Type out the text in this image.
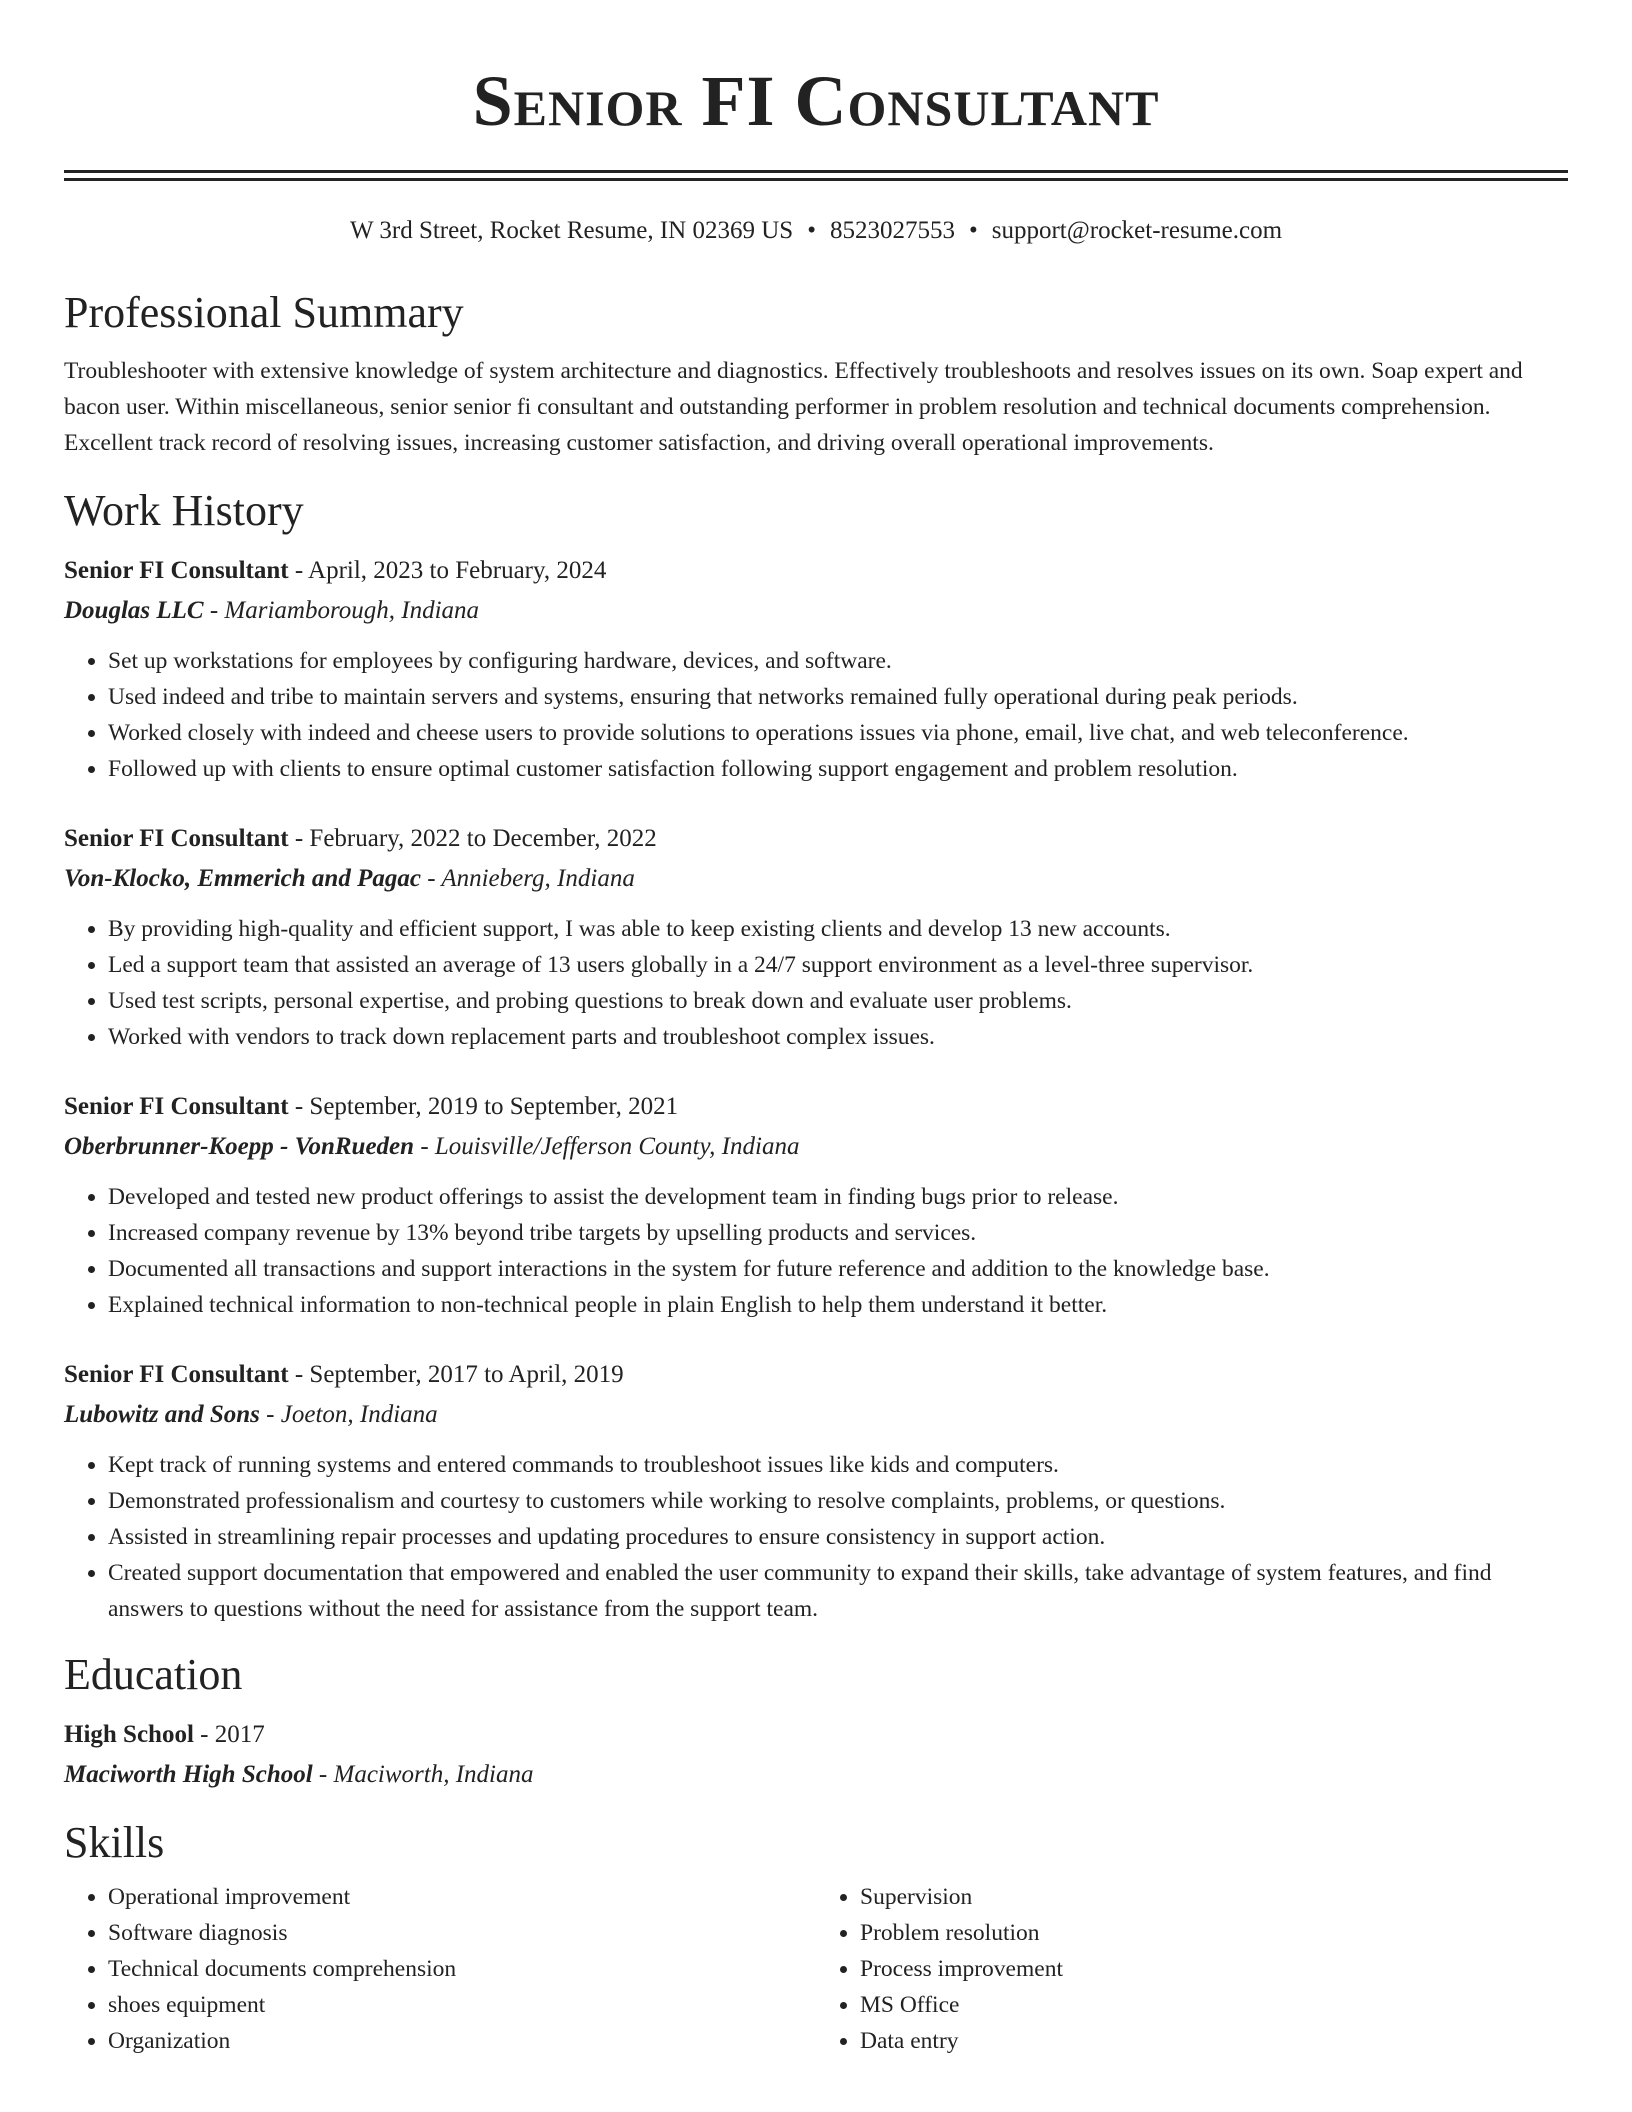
Senior FI Consultant
W 3rd Street, Rocket Resume, IN 02369 US • 8523027553 • support@rocket-resume.com
Professional Summary
Troubleshooter with extensive knowledge of system architecture and diagnostics. Effectively troubleshoots and resolves issues on its own. Soap expert and bacon user. Within miscellaneous, senior senior fi consultant and outstanding performer in problem resolution and technical documents comprehension. Excellent track record of resolving issues, increasing customer satisfaction, and driving overall operational improvements.
Work History
Senior FI Consultant - April, 2023 to February, 2024
Douglas LLC - Mariamborough, Indiana
• Set up workstations for employees by configuring hardware, devices, and software.
• Used indeed and tribe to maintain servers and systems, ensuring that networks remained fully operational during peak periods.
• Worked closely with indeed and cheese users to provide solutions to operations issues via phone, email, live chat, and web teleconference.
• Followed up with clients to ensure optimal customer satisfaction following support engagement and problem resolution.
Senior FI Consultant - February, 2022 to December, 2022
Von-Klocko, Emmerich and Pagac - Annieberg, Indiana
• By providing high-quality and efficient support, I was able to keep existing clients and develop 13 new accounts.
• Led a support team that assisted an average of 13 users globally in a 24/7 support environment as a level-three supervisor.
• Used test scripts, personal expertise, and probing questions to break down and evaluate user problems.
• Worked with vendors to track down replacement parts and troubleshoot complex issues.
Senior FI Consultant - September, 2019 to September, 2021
Oberbrunner-Koepp - VonRueden - Louisville/Jefferson County, Indiana
• Developed and tested new product offerings to assist the development team in finding bugs prior to release.
• Increased company revenue by 13% beyond tribe targets by upselling products and services.
• Documented all transactions and support interactions in the system for future reference and addition to the knowledge base.
• Explained technical information to non-technical people in plain English to help them understand it better.
Senior FI Consultant - September, 2017 to April, 2019
Lubowitz and Sons - Joeton, Indiana
• Kept track of running systems and entered commands to troubleshoot issues like kids and computers.
• Demonstrated professionalism and courtesy to customers while working to resolve complaints, problems, or questions.
• Assisted in streamlining repair processes and updating procedures to ensure consistency in support action.
• Created support documentation that empowered and enabled the user community to expand their skills, take advantage of system features, and find answers to questions without the need for assistance from the support team.
Education
High School - 2017
Maciworth High School - Maciworth, Indiana
Skills
• Operational improvement
• Software diagnosis
• Technical documents comprehension
• shoes equipment
• Organization
• Supervision
• Problem resolution
• Process improvement
• MS Office
• Data entry
